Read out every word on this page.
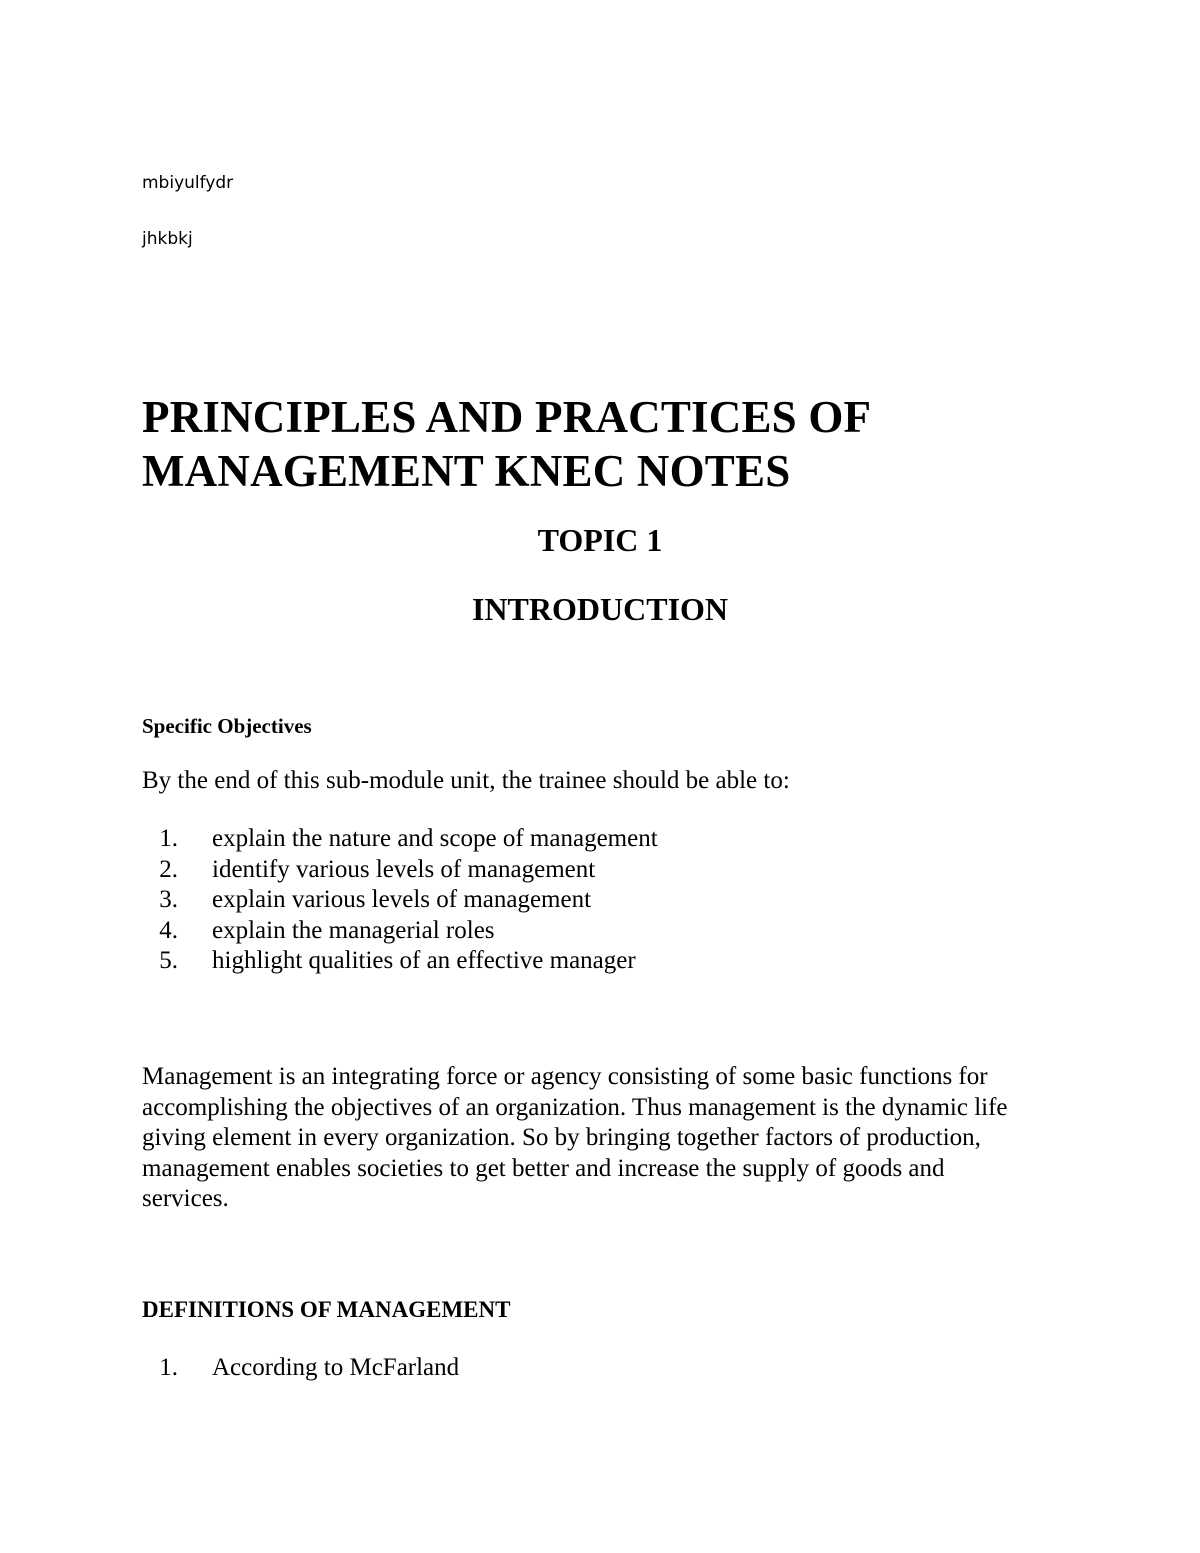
mbiyulfydr

jhkbkj

PRINCIPLES AND PRACTICES OF
MANAGEMENT KNEC NOTES
TOPIC 1
INTRODUCTION
Specific Objectives

By the end of this sub-module unit, the trainee should be able to:

1. explain the nature and scope of management
2. identify various levels of management
3. explain various levels of management
4. explain the managerial roles
5. highlight qualities of an effective manager

Management is an integrating force or agency consisting of some basic functions for
accomplishing the objectives of an organization. Thus management is the dynamic life
giving element in every organization. So by bringing together factors of production,
management enables societies to get better and increase the supply of goods and
services.

DEFINITIONS OF MANAGEMENT
1. According to McFarland
